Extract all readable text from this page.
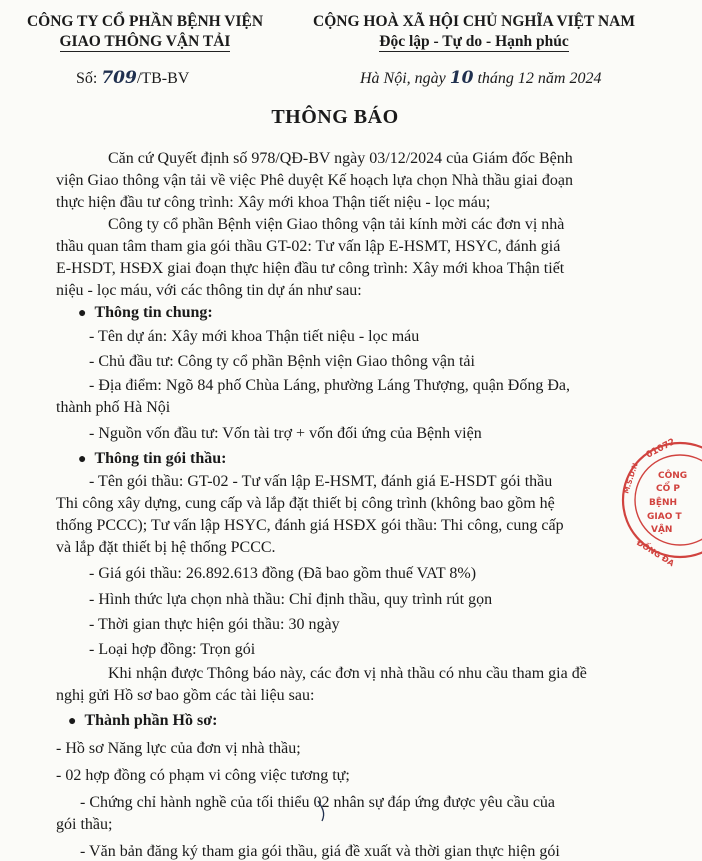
CÔNG TY CỔ PHẦN BỆNH VIỆN
GIAO THÔNG VẬN TẢI
CỘNG HOÀ XÃ HỘI CHỦ NGHĨA VIỆT NAM
Độc lập - Tự do - Hạnh phúc
Số: 709/TB-BV	Hà Nội, ngày 10 tháng 12 năm 2024
THÔNG BÁO
Căn cứ Quyết định số 978/QĐ-BV ngày 03/12/2024 của Giám đốc Bệnh
viện Giao thông vận tải về việc Phê duyệt Kế hoạch lựa chọn Nhà thầu giai đoạn
thực hiện đầu tư công trình: Xây mới khoa Thận tiết niệu - lọc máu;
Công ty cổ phần Bệnh viện Giao thông vận tải kính mời các đơn vị nhà
thầu quan tâm tham gia gói thầu GT-02: Tư vấn lập E-HSMT, HSYC, đánh giá
E-HSDT, HSĐX giai đoạn thực hiện đầu tư công trình: Xây mới khoa Thận tiết
niệu - lọc máu, với các thông tin dự án như sau:
● Thông tin chung:
- Tên dự án: Xây mới khoa Thận tiết niệu - lọc máu
- Chủ đầu tư: Công ty cổ phần Bệnh viện Giao thông vận tải
- Địa điểm: Ngõ 84 phố Chùa Láng, phường Láng Thượng, quận Đống Đa,
thành phố Hà Nội
- Nguồn vốn đầu tư: Vốn tài trợ + vốn đối ứng của Bệnh viện
● Thông tin gói thầu:
- Tên gói thầu: GT-02 - Tư vấn lập E-HSMT, đánh giá E-HSDT gói thầu
Thi công xây dựng, cung cấp và lắp đặt thiết bị công trình (không bao gồm hệ
thống PCCC); Tư vấn lập HSYC, đánh giá HSĐX gói thầu: Thi công, cung cấp
và lắp đặt thiết bị hệ thống PCCC.
- Giá gói thầu: 26.892.613 đồng (Đã bao gồm thuế VAT 8%)
- Hình thức lựa chọn nhà thầu: Chỉ định thầu, quy trình rút gọn
- Thời gian thực hiện gói thầu: 30 ngày
- Loại hợp đồng: Trọn gói
Khi nhận được Thông báo này, các đơn vị nhà thầu có nhu cầu tham gia đề
nghị gửi Hồ sơ bao gồm các tài liệu sau:
● Thành phần Hồ sơ:
- Hồ sơ Năng lực của đơn vị nhà thầu;
- 02 hợp đồng có phạm vi công việc tương tự;
- Chứng chỉ hành nghề của tối thiểu 02 nhân sự đáp ứng được yêu cầu của
gói thầu;
- Văn bản đăng ký tham gia gói thầu, giá đề xuất và thời gian thực hiện gói
01072
M.S.D.N CÔNG
CỔ P
BỆNH
GIAO T
VẬN
ĐỐNG ĐA
